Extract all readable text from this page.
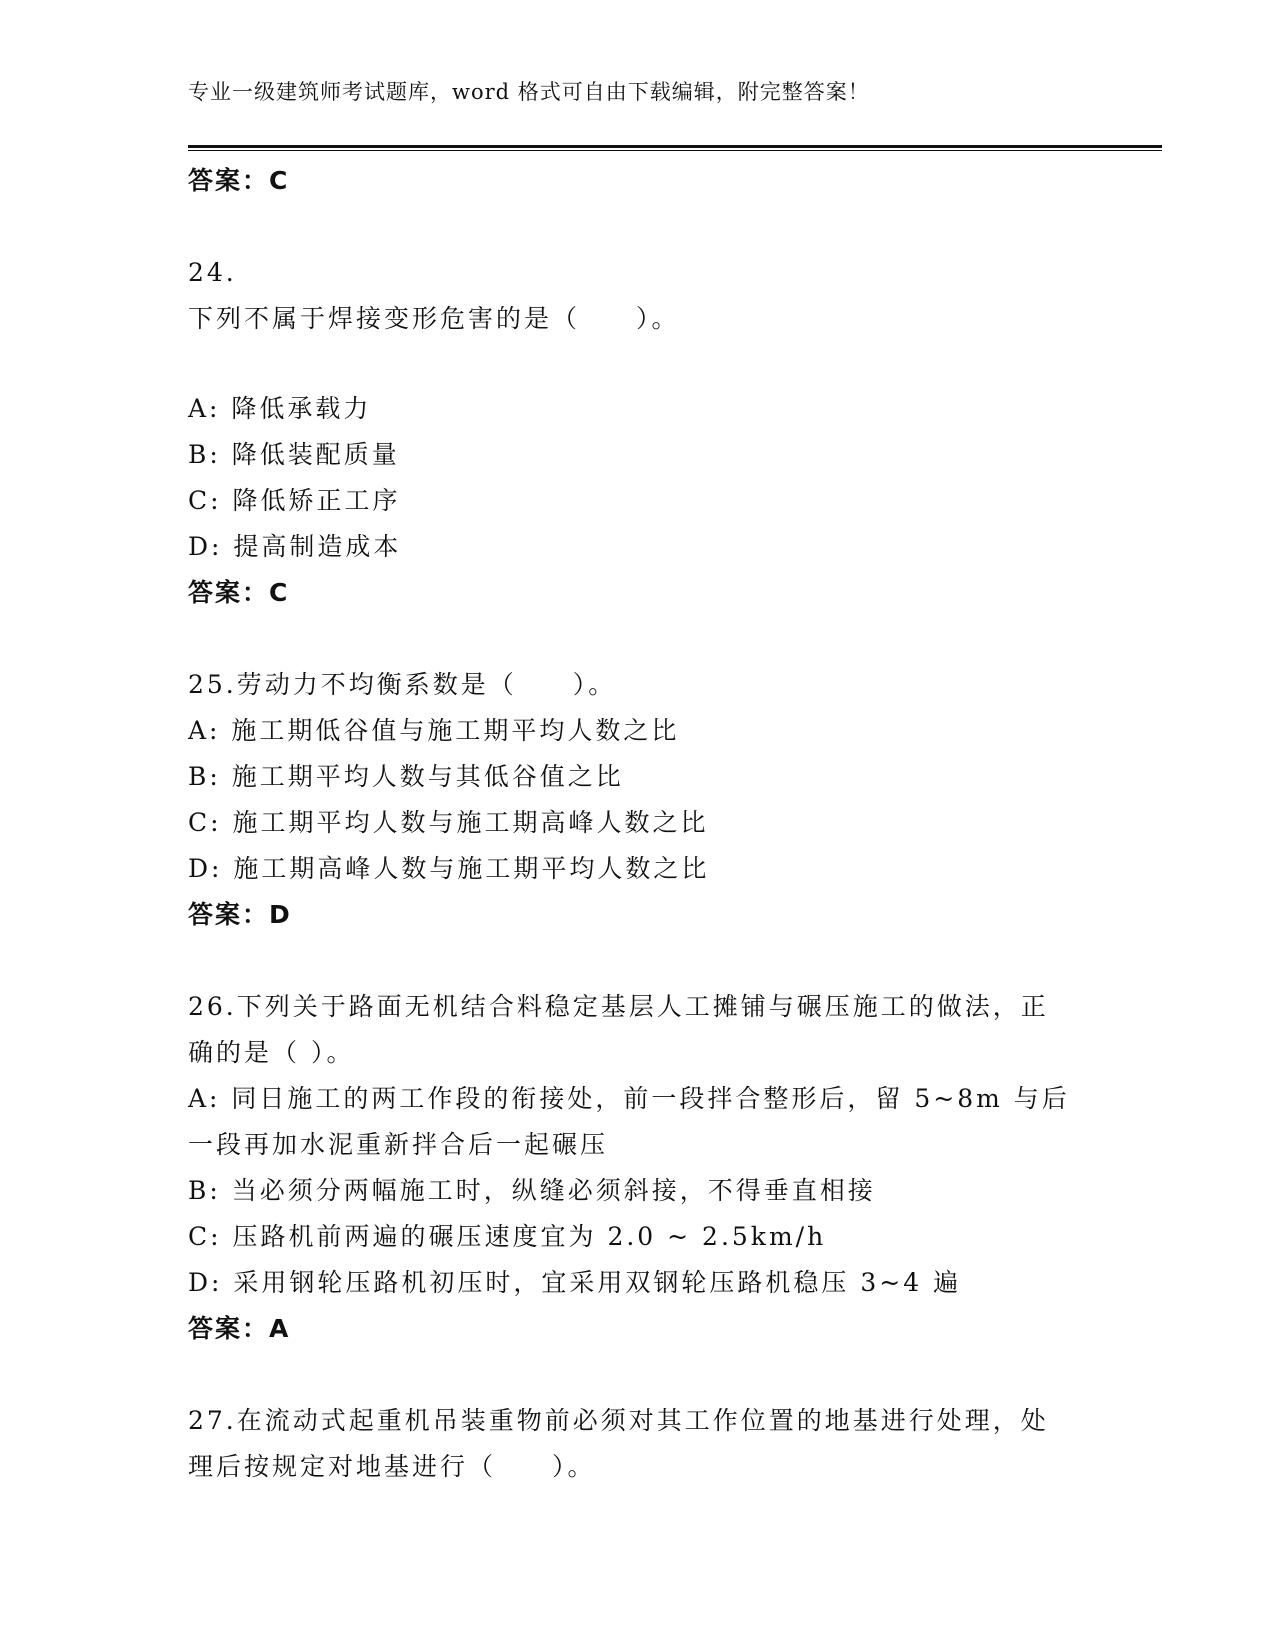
专业一级建筑师考试题库，word 格式可自由下载编辑，附完整答案！
答案：C
24.
下列不属于焊接变形危害的是（　　）。
A: 降低承载力
B: 降低装配质量
C: 降低矫正工序
D: 提高制造成本
答案：C
25.劳动力不均衡系数是（　　）。
A: 施工期低谷值与施工期平均人数之比
B: 施工期平均人数与其低谷值之比
C: 施工期平均人数与施工期高峰人数之比
D: 施工期高峰人数与施工期平均人数之比
答案：D
26.下列关于路面无机结合料稳定基层人工摊铺与碾压施工的做法，正
确的是（ ）。
A: 同日施工的两工作段的衔接处，前一段拌合整形后，留 5~8m 与后
一段再加水泥重新拌合后一起碾压
B: 当必须分两幅施工时，纵缝必须斜接，不得垂直相接
C: 压路机前两遍的碾压速度宜为 2.0 ~ 2.5km/h
D: 采用钢轮压路机初压时，宜采用双钢轮压路机稳压 3~4 遍
答案：A
27.在流动式起重机吊装重物前必须对其工作位置的地基进行处理，处
理后按规定对地基进行（　　）。
